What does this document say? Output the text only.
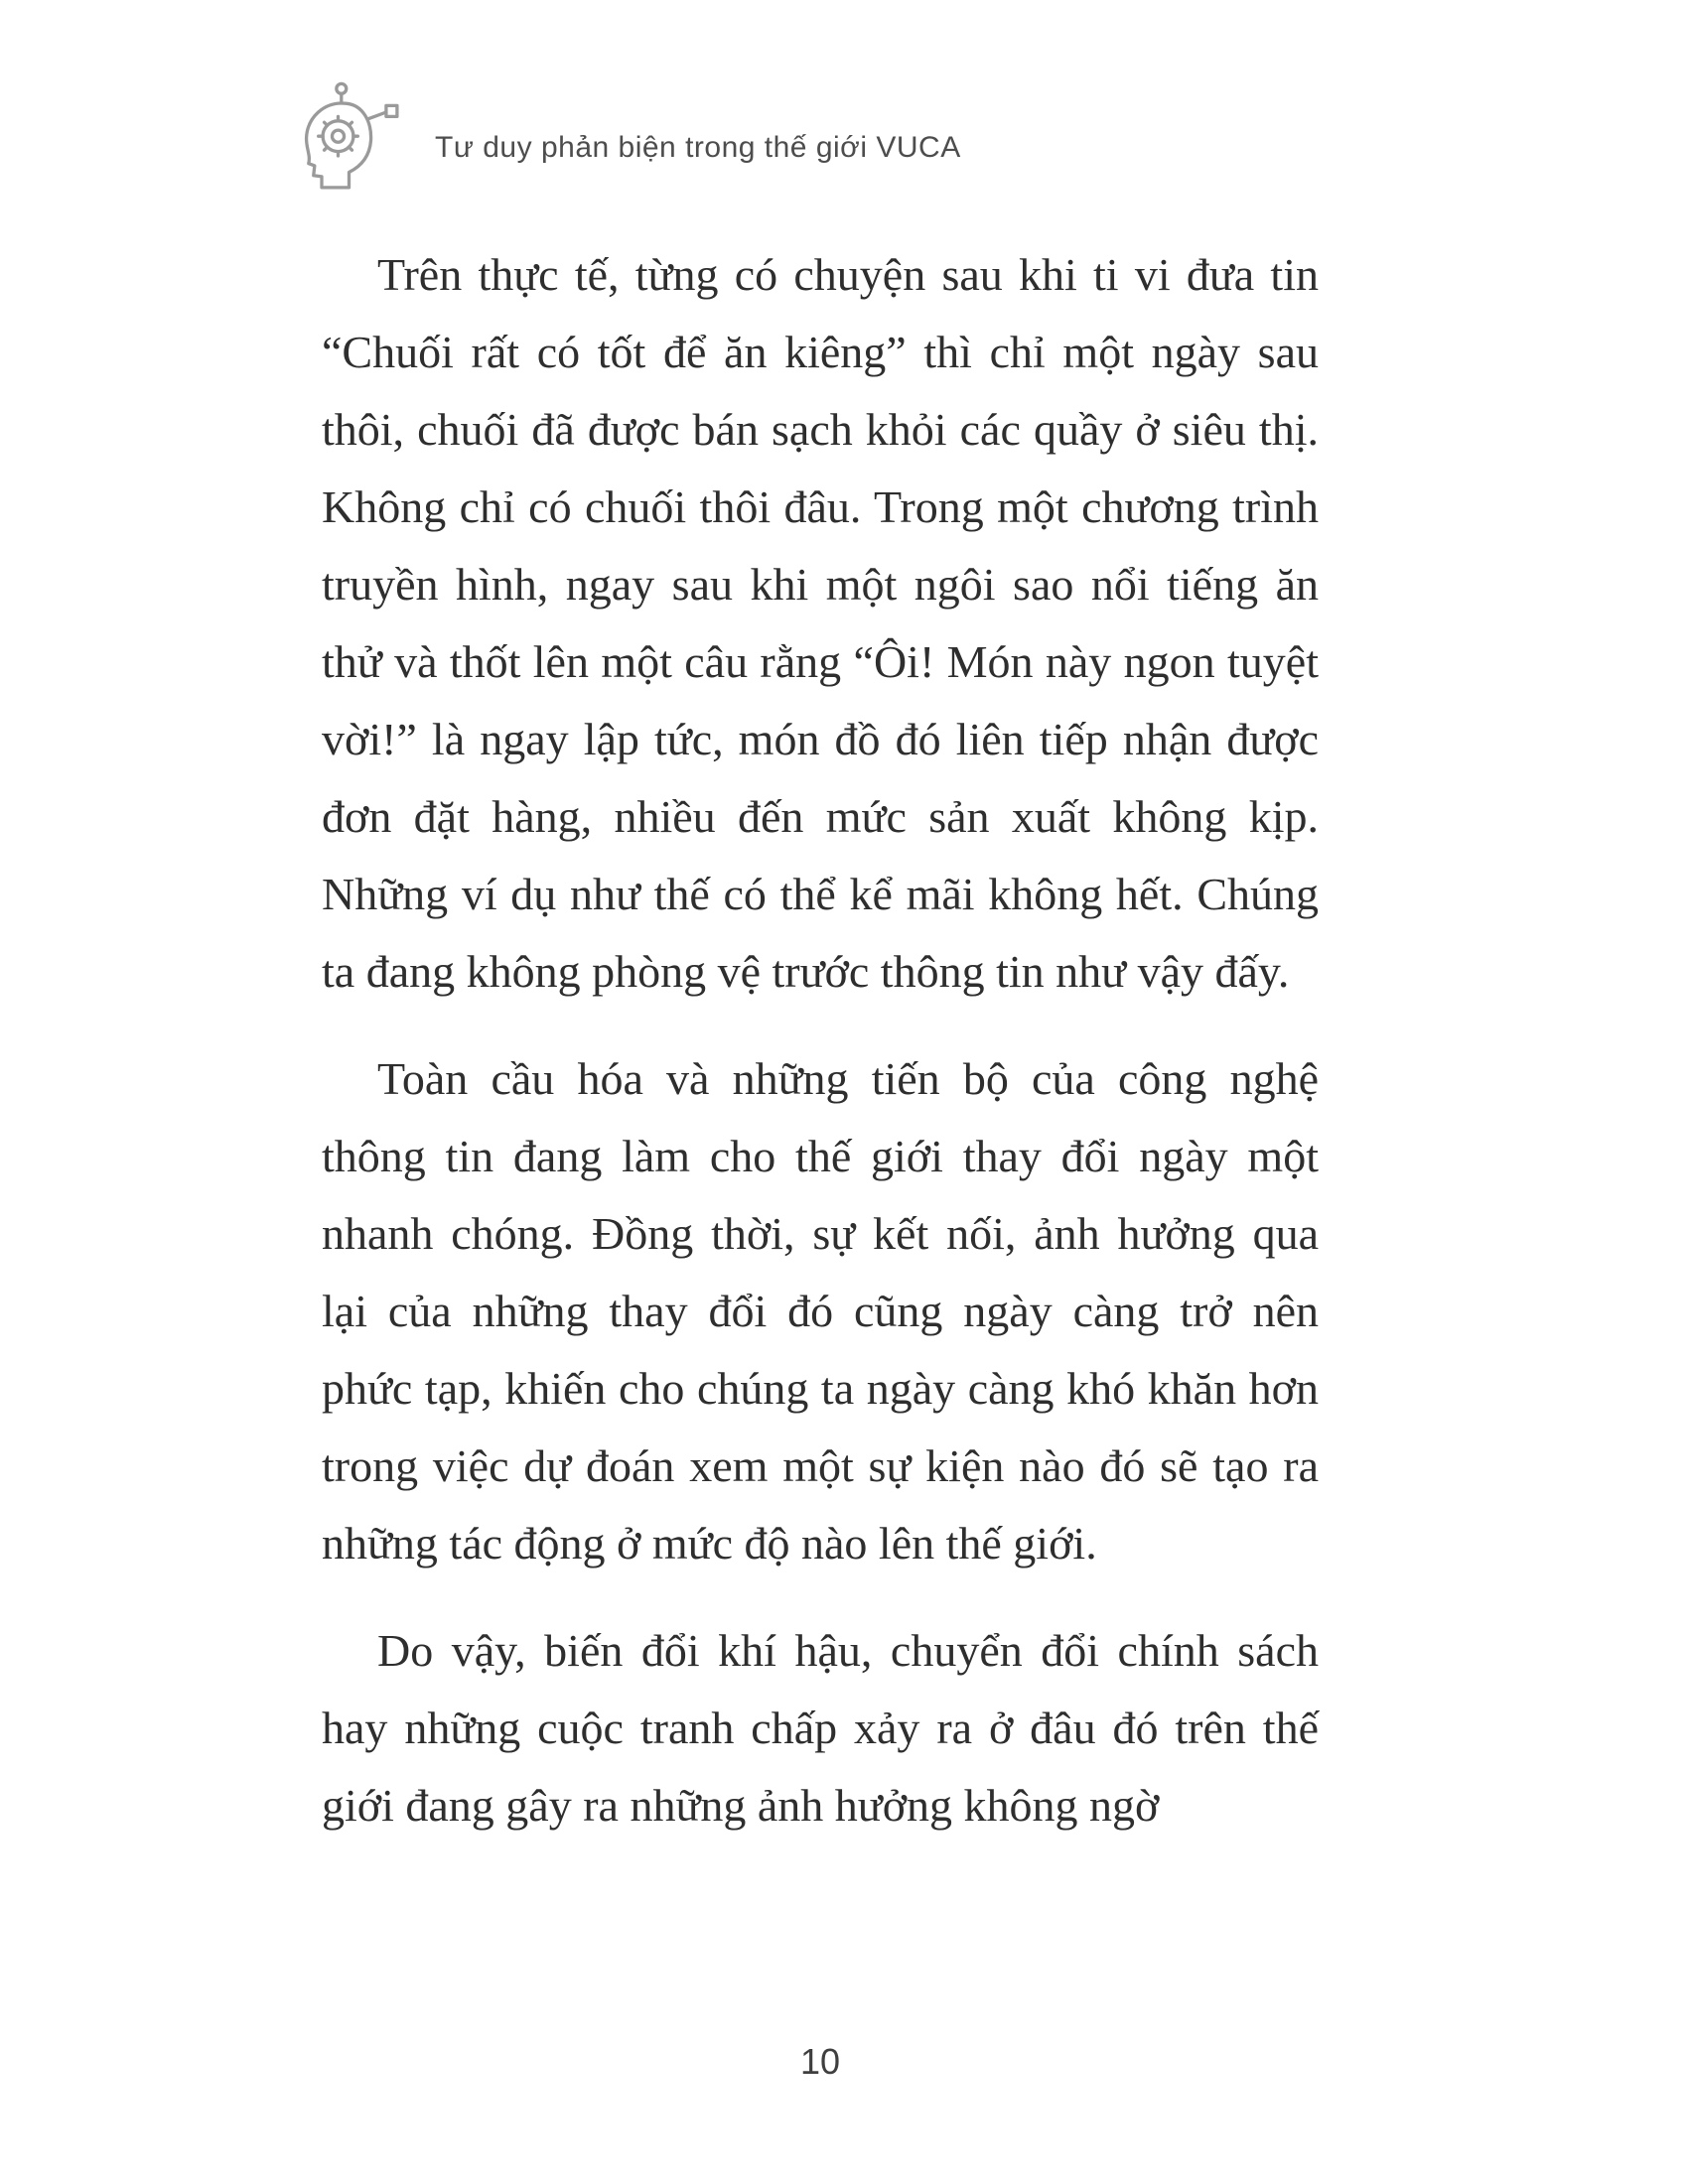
Tư duy phản biện trong thế giới VUCA

Trên thực tế, từng có chuyện sau khi ti vi đưa tin “Chuối rất có tốt để ăn kiêng” thì chỉ một ngày sau thôi, chuối đã được bán sạch khỏi các quầy ở siêu thị. Không chỉ có chuối thôi đâu. Trong một chương trình truyền hình, ngay sau khi một ngôi sao nổi tiếng ăn thử và thốt lên một câu rằng “Ôi! Món này ngon tuyệt vời!” là ngay lập tức, món đồ đó liên tiếp nhận được đơn đặt hàng, nhiều đến mức sản xuất không kịp. Những ví dụ như thế có thể kể mãi không hết. Chúng ta đang không phòng vệ trước thông tin như vậy đấy.

Toàn cầu hóa và những tiến bộ của công nghệ thông tin đang làm cho thế giới thay đổi ngày một nhanh chóng. Đồng thời, sự kết nối, ảnh hưởng qua lại của những thay đổi đó cũng ngày càng trở nên phức tạp, khiến cho chúng ta ngày càng khó khăn hơn trong việc dự đoán xem một sự kiện nào đó sẽ tạo ra những tác động ở mức độ nào lên thế giới.

Do vậy, biến đổi khí hậu, chuyển đổi chính sách hay những cuộc tranh chấp xảy ra ở đâu đó trên thế giới đang gây ra những ảnh hưởng không ngờ

10
